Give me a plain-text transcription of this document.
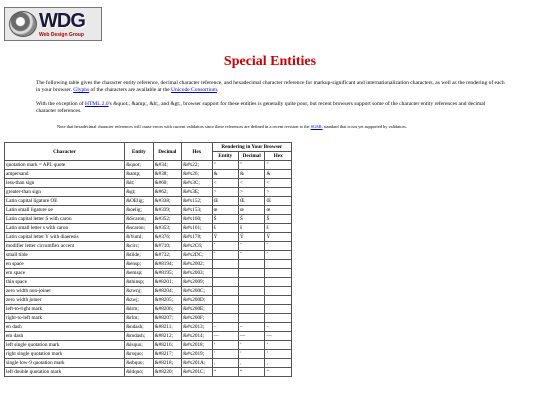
WDG
Web Design Group
Special Entities

The following table gives the character entity reference, decimal character reference, and hexadecimal character reference for markup-significant and internationalization characters, as well as the rendering of each in your browser. Glyphs of the characters are available at the Unicode Consortium.

With the exception of HTML 2.0's &quot;, &amp;, &lt;, and &gt;, browser support for these entities is generally quite poor, but recent browsers support some of the character entity references and decimal character references.

Note that hexadecimal character references will cause errors with current validators since these references are defined in a recent revision to the SGML standard that is not yet supported by validators.

Character	Entity	Decimal	Hex	Rendering in Your Browser		
				Entity	Decimal	Hex
quotation mark = APL quote	&quot;	&#34;	&#x22;	"	"	"
ampersand	&amp;	&#38;	&#x26;	&	&	&
less-than sign	&lt;	&#60;	&#x3C;	<	<	<
greater-than sign	&gt;	&#62;	&#x3E;	>	>	>
Latin capital ligature OE	&OElig;	&#338;	&#x152;	Œ	Œ	Œ
Latin small ligature oe	&oelig;	&#339;	&#x153;	œ	œ	œ
Latin capital letter S with caron	&Scaron;	&#352;	&#x160;	Š	Š	Š
Latin small letter s with caron	&scaron;	&#353;	&#x161;	š	š	š
Latin capital letter Y with diaeresis	&Yuml;	&#376;	&#x178;	Ÿ	Ÿ	Ÿ
modifier letter circumflex accent	&circ;	&#710;	&#x2C6;	ˆ	ˆ	ˆ
small tilde	&tilde;	&#732;	&#x2DC;	˜	˜	˜
en space	&ensp;	&#8194;	&#x2002;			
em space	&emsp;	&#8195;	&#x2003;			
thin space	&thinsp;	&#8201;	&#x2009;			
zero width non-joiner	&zwnj;	&#8204;	&#x200C;			
zero width joiner	&zwj;	&#8205;	&#x200D;			
left-to-right mark	&lrm;	&#8206;	&#x200E;			
right-to-left mark	&rlm;	&#8207;	&#x200F;			
en dash	&ndash;	&#8211;	&#x2013;	–	–	–
em dash	&mdash;	&#8212;	&#x2014;	—	—	—
left single quotation mark	&lsquo;	&#8216;	&#x2018;	‘	‘	‘
right single quotation mark	&rsquo;	&#8217;	&#x2019;	’	’	’
single low-9 quotation mark	&sbquo;	&#8218;	&#x201A;	‚	‚	‚
left double quotation mark	&ldquo;	&#8220;	&#x201C;	“	“	“
